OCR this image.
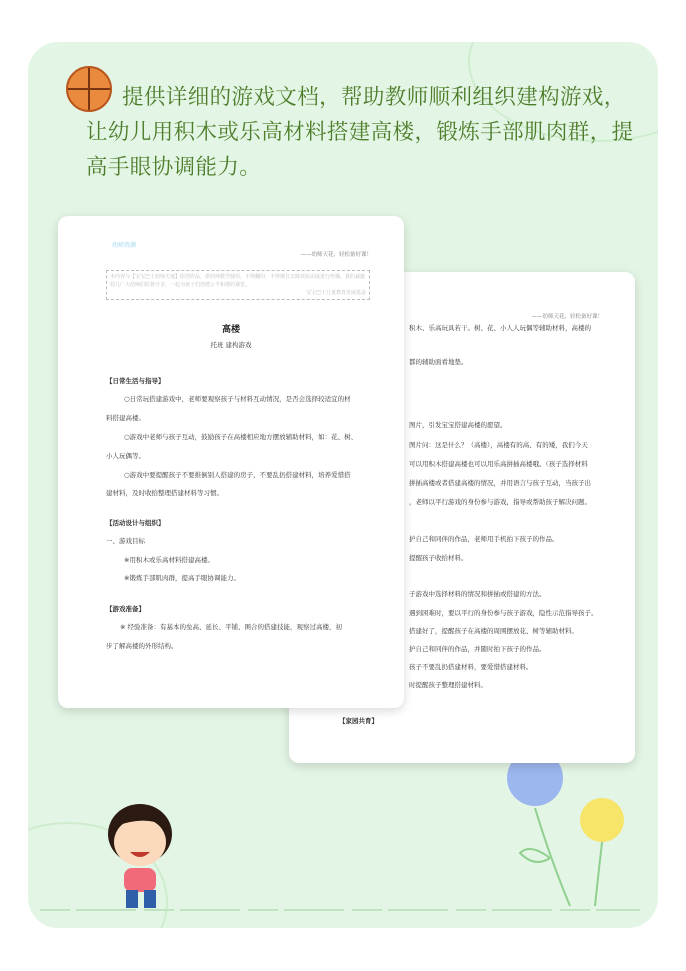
提供详细的游戏文档，帮助教师顺利组织建构游戏，让幼儿用积木或乐高材料搭建高楼，锻炼手部肌肉群，提高手眼协调能力。
——幼师天花，轻松备好课！
积木、乐高玩具若干。树、花、小人人玩偶等辅助材料，高楼的
都的辅助面看地垫。
图片，引发宝宝搭建高楼的愿望。
图片问：这是什么？（高楼），高楼有的高、有的矮，我们今天
可以用积木搭建高楼也可以用乐高拼插高楼哦。（孩子选择材料
拼插高楼或者搭建高楼的情况，并用语言与孩子互动，当孩子出
，老师以平行游戏的身份参与游戏，指导或帮助孩子解决问题。
护自己和同伴的作品，老师用手机拍下孩子的作品。
提醒孩子收拾材料。
子游戏中选择材料的情况和拼插或搭建的方法。
遇到困难时，要以平行的身份参与孩子游戏，隐性示范指导孩子。
搭建好了，提醒孩子在高楼的周围摆放花、树等辅助材料。
护自己和同伴的作品，并随时拍下孩子的作品。
孩子不要乱扔搭建材料，要爱惜搭建材料。
时提醒孩子整理搭建材料。
【家园共育】
幼师资源
——幼师天花，轻松备好课！
本内容与【宝宝巴士幼师天地】原创作品，供幼师教学使用，不得翻印，不得擅自去除该标识或进行传播。我们诚邀幼儿广大幼师们监督分享，一起为孩子们创建公平和谐的课堂。
宝宝巴士儿童教育发展基金
高楼
托班 建构游戏
【日常生活与指导】
○日常玩搭建游戏中，老师要观察孩子与材料互动情况，是否会选择较适宜的材
料搭建高楼。
○游戏中老师与孩子互动，鼓励孩子在高楼相应地方摆放辅助材料，如：花、树、
小人玩偶等。
○游戏中要提醒孩子不要推倒别人搭建的房子，不要乱扔搭建材料，培养爱惜搭
建材料，及时收拾整理搭建材料等习惯。
【活动设计与组织】
一、游戏目标
※用积木或乐高材料搭建高楼。
※锻炼手部肌肉群，提高手眼协调能力。
【游戏准备】
※ 经验准备：有基本的垒高、延长、平铺、围合的搭建技能，观察过高楼，初
步了解高楼的外形结构。
